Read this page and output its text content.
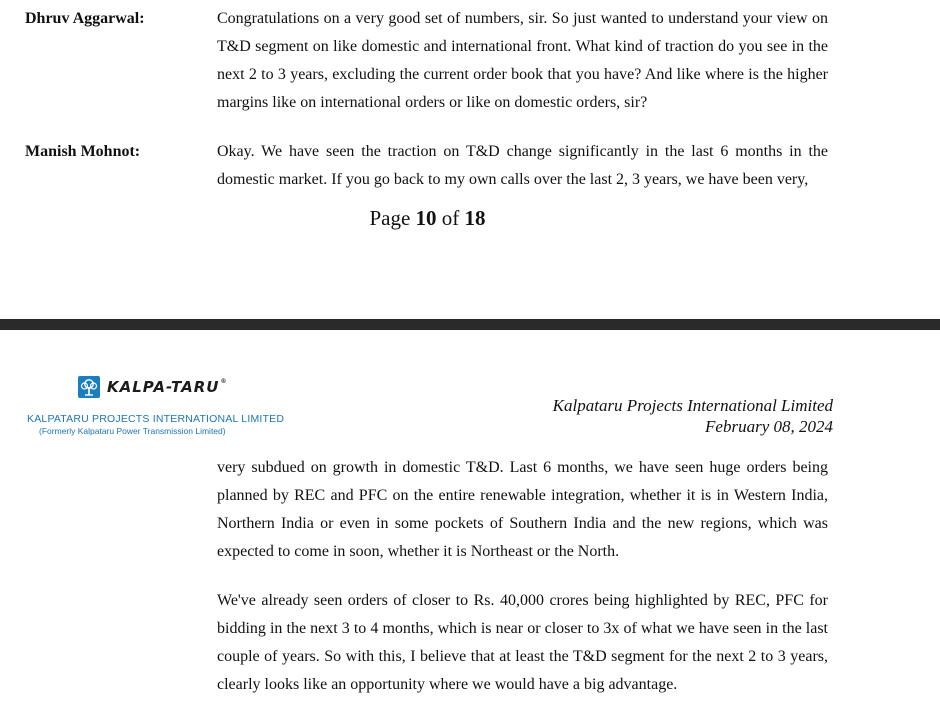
Dhruv Aggarwal:	Congratulations on a very good set of numbers, sir. So just wanted to understand your view on T&D segment on like domestic and international front. What kind of traction do you see in the next 2 to 3 years, excluding the current order book that you have? And like where is the higher margins like on international orders or like on domestic orders, sir?
Manish Mohnot:	Okay. We have seen the traction on T&D change significantly in the last 6 months in the domestic market. If you go back to my own calls over the last 2, 3 years, we have been very,
Page 10 of 18
KALPA-TARU®
KALPATARU PROJECTS INTERNATIONAL LIMITED
(Formerly Kalpataru Power Transmission Limited)
Kalpataru Projects International Limited
February 08, 2024
very subdued on growth in domestic T&D. Last 6 months, we have seen huge orders being planned by REC and PFC on the entire renewable integration, whether it is in Western India, Northern India or even in some pockets of Southern India and the new regions, which was expected to come in soon, whether it is Northeast or the North.
We've already seen orders of closer to Rs. 40,000 crores being highlighted by REC, PFC for bidding in the next 3 to 4 months, which is near or closer to 3x of what we have seen in the last couple of years. So with this, I believe that at least the T&D segment for the next 2 to 3 years, clearly looks like an opportunity where we would have a big advantage.
